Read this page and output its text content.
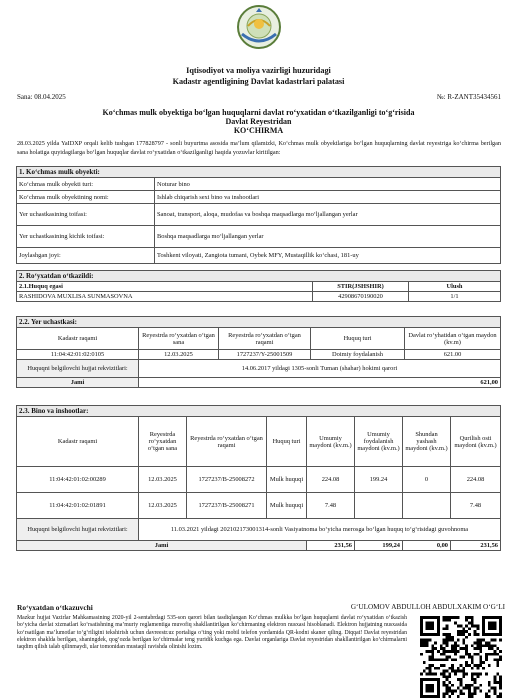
Iqtisodiyot va moliya vazirligi huzuridagi
Kadastr agentligining Davlat kadastrlari palatasi
Sana: 08.04.2025	№: R-ZANT35434561
Ko‘chmas mulk obyektiga bo‘lgan huquqlarni davlat ro‘yxatidan o‘tkazilganligi to‘g‘risida
Davlat Reyestridan
KO‘CHIRMA
28.03.2025 yilda YaIDXP orqali kelib tushgan 177828797 - sonli buyurtma asosida ma’lum qilamizki, Ko‘chmas mulk obyektlariga bo‘lgan huquqlarning davlat reyestriga ko‘chirma berilgan sana holatiga quyidagilarga bo‘lgan huquqlar davlat ro‘yxatidan o‘tkazilganligi haqida yozuvlar kiritilgan:
1. Ko‘chmas mulk obyekti:	
Ko‘chmas mulk obyekti turi:	Noturar bino
Ko‘chmas mulk obyektining nomi:	Ishlab chiqarish sexi bino va inshootlari
Yer uchastkasining toifasi:	Sanoat, transport, aloqa, mudofaa va boshqa maqsadlarga mo‘ljallangan yerlar
Yer uchastkasining kichik toifasi:	Boshqa maqsadlarga mo‘ljallangan yerlar
Joylashgan joyi:	Toshkent viloyati, Zangiota tumani, Oybek MFY, Mustaqillik ko‘chasi, 181-uy
2. Ro‘yxatdan o‘tkazildi:		
2.1.Huquq egasi	STIR(JSHSHIR)	Ulush
RASHIDOVA MUXLISA SUNMASOVNA	42908670190020	1/1
2.2. Yer uchastkasi:				
Kadastr raqami	Reyestrda ro‘yxatdan o‘tgan sana	Reyestrda ro‘yxatdan o‘tgan raqami	Huquq turi	Davlat ro‘yhatidan o‘tgan maydon (kv.m)
11:04:42:01:02:0105	12.03.2025	1727237/Y-25001509	Doimiy foydalanish	621.00
Huquqni belgilovchi hujjat rekvizitlari:	14.06.2017 yildagi 1305-sonli Tuman (shahar) hokimi qarori			
Jami	621,00			
2.3. Bino va inshootlar:							
Kadastr raqami	Reyestrda ro‘yxatdan o‘tgan sana	Reyestrda ro‘yxatdan o‘tgan raqami	Huquq turi	Umumiy maydoni (kv.m.)	Umumiy foydalanish maydoni (kv.m.)	Shundan yashash maydoni (kv.m.)	Qurilish osti maydoni (kv.m.)
11:04:42:01:02:00289	12.03.2025	1727237/B-25008272	Mulk huquqi	224.08	199.24	0	224.08
11:04:42:01:02:01891	12.03.2025	1727237/B-25008271	Mulk huquqi	7.48			7.48
Huquqni belgilovchi hujjat rekvizitlari:	11.03.2021 yildagi 20210217300​1314-sonli Vasiyatnoma bo‘yicha merosga bo‘lgan huquq to‘g‘risidagi guvohnoma						
Jami				231,56	199,24	0,00	231,56
Ro‘yxatdan o‘tkazuvchi	G‘ULOMOV ABDULLOH ABDULXAKIM O‘G‘LI
Mazkur hujjat Vazirlar Mahkamasining 2020-yil 2-sentabrdagi 535-son qarori bilan tasdiqlangan Ko‘chmas mulkka bo‘lgan huquqlarni davlat ro‘yxatidan o‘tkazish bo‘yicha davlat xizmatlari ko‘rsatishning ma’muriy reglamentiga muvofiq shakllantirilgan ko‘chirmaning elektron nusxasi hisoblanadi. Elektron hujjatning nusxasida ko‘rsatilgan ma’lumotlar to‘g‘riligini tekshirish uchun davreestr.uz portaliga o‘ting yoki mobil telefon yordamida QR-kodni skaner qiling. Diqqat! Davlat reyestridan elektron shaklda berilgan, shaningdek, qog‘ozda berilgan ko‘chirmalar teng yuridik kuchga ega. Davlat organlariga Davlat reyestridan shakllantirilgan ko‘chirmalarni taqdim qilish talab qilinmaydi, ular tomonidan mustaqil ravishda olinishi lozim.
